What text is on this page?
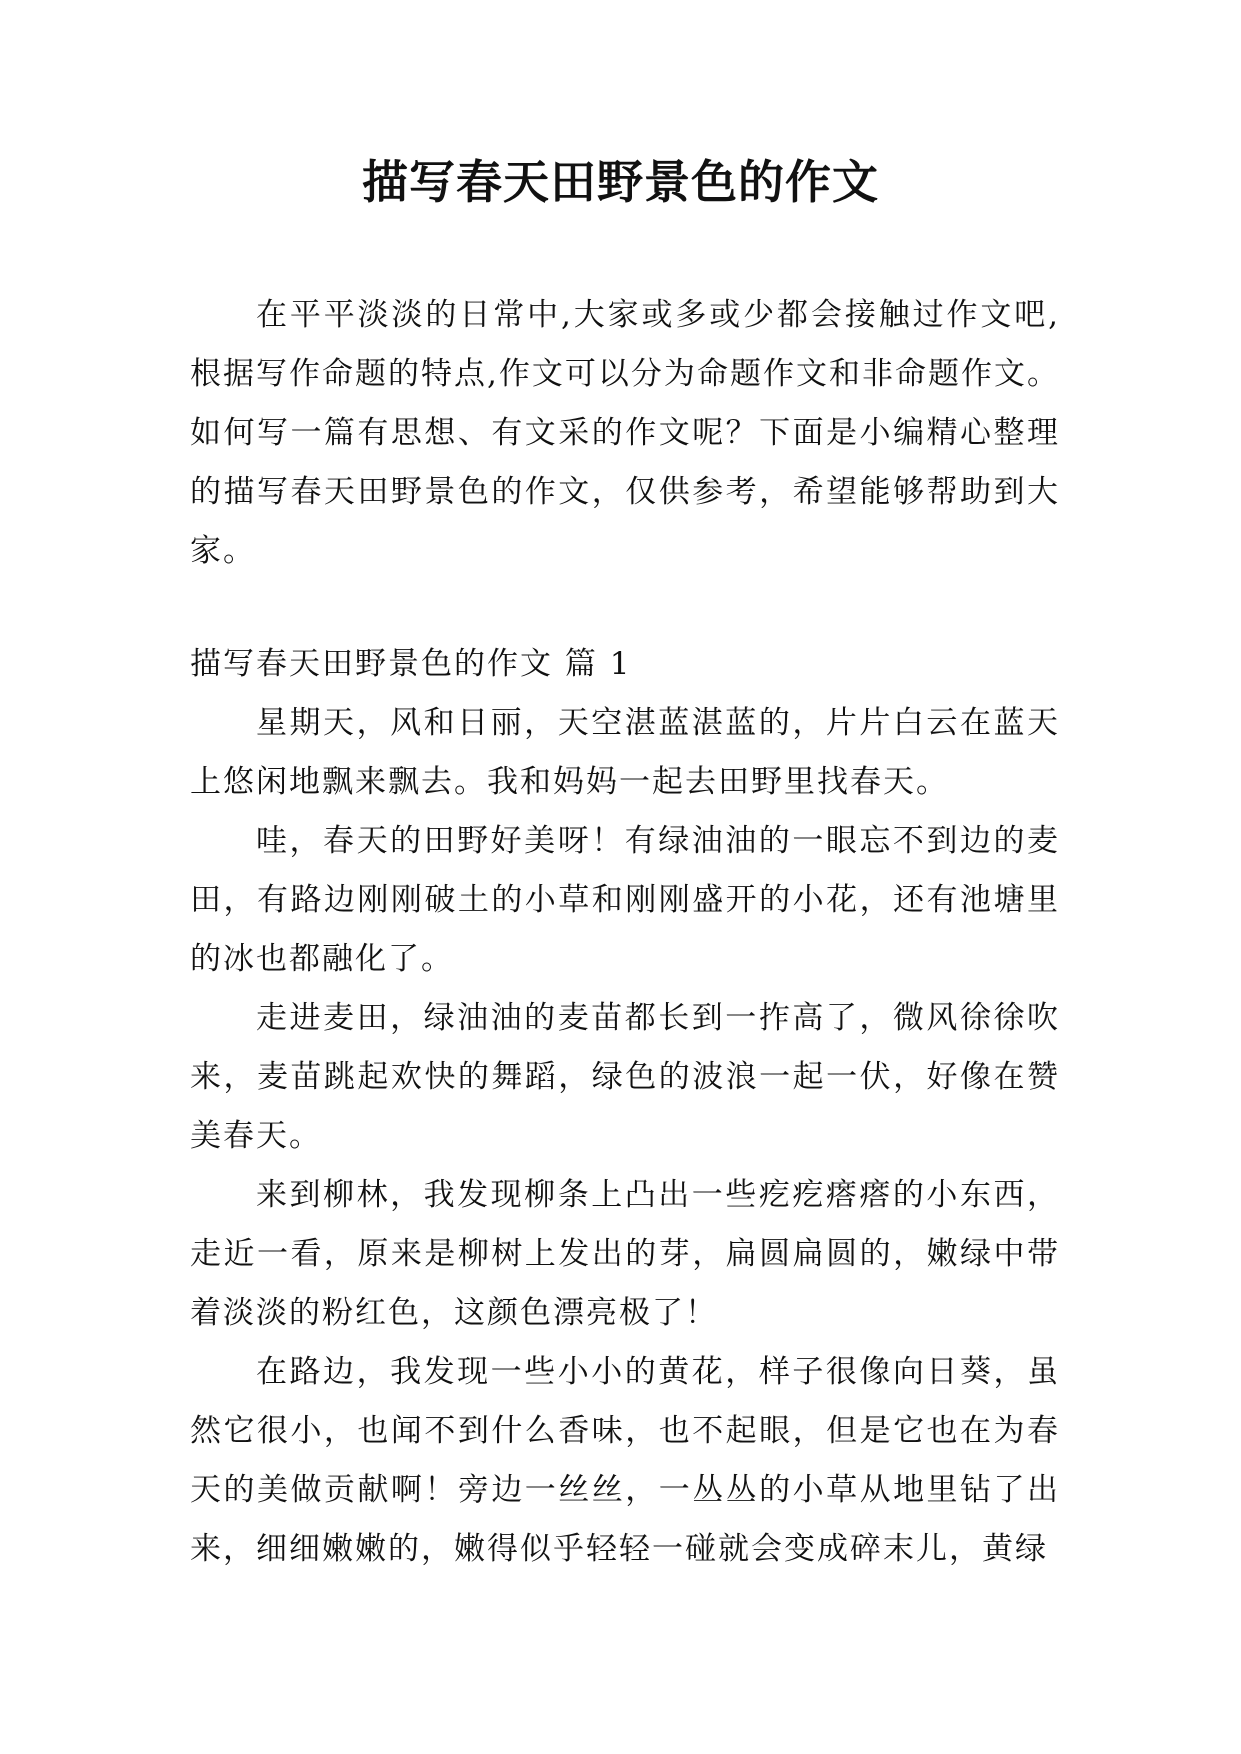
描写春天田野景色的作文

在平平淡淡的日常中,大家或多或少都会接触过作文吧,根据写作命题的特点,作文可以分为命题作文和非命题作文。如何写一篇有思想、有文采的作文呢？下面是小编精心整理的描写春天田野景色的作文，仅供参考，希望能够帮助到大家。

描写春天田野景色的作文 篇 1

星期天，风和日丽，天空湛蓝湛蓝的，片片白云在蓝天上悠闲地飘来飘去。我和妈妈一起去田野里找春天。

哇，春天的田野好美呀！有绿油油的一眼忘不到边的麦田，有路边刚刚破土的小草和刚刚盛开的小花，还有池塘里的冰也都融化了。

走进麦田，绿油油的麦苗都长到一拃高了，微风徐徐吹来，麦苗跳起欢快的舞蹈，绿色的波浪一起一伏，好像在赞美春天。

来到柳林，我发现柳条上凸出一些疙疙瘩瘩的小东西，走近一看，原来是柳树上发出的芽，扁圆扁圆的，嫩绿中带着淡淡的粉红色，这颜色漂亮极了！

在路边，我发现一些小小的黄花，样子很像向日葵，虽然它很小，也闻不到什么香味，也不起眼，但是它也在为春天的美做贡献啊！旁边一丝丝，一丛丛的小草从地里钻了出来，细细嫩嫩的，嫩得似乎轻轻一碰就会变成碎末儿，黄绿
